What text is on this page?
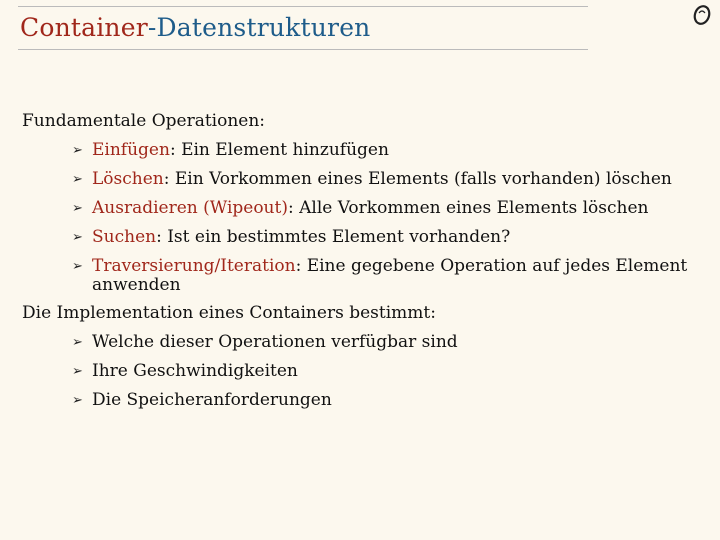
Container-Datenstrukturen
Fundamentale Operationen:
➢ Einfügen: Ein Element hinzufügen
➢ Löschen: Ein Vorkommen eines Elements (falls vorhanden) löschen
➢ Ausradieren (Wipeout): Alle Vorkommen eines Elements löschen
➢ Suchen: Ist ein bestimmtes Element vorhanden?
➢ Traversierung/Iteration: Eine gegebene Operation auf jedes Element
anwenden
Die Implementation eines Containers bestimmt:
➢ Welche dieser Operationen verfügbar sind
➢ Ihre Geschwindigkeiten
➢ Die Speicheranforderungen
